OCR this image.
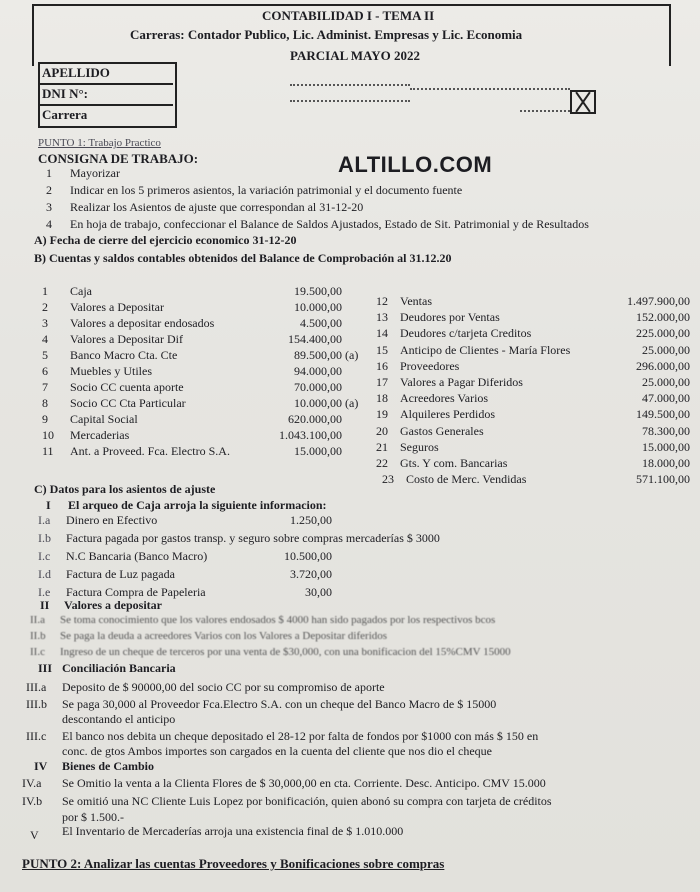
CONTABILIDAD I - TEMA II
Carreras: Contador Publico, Lic. Administ. Empresas y Lic. Economia
PARCIAL MAYO 2022
APELLIDO
DNI N°:
Carrera
PUNTO 1: Trabajo Practico
CONSIGNA DE TRABAJO:	ALTILLO.COM
1 Mayorizar
2 Indicar en los 5 primeros asientos, la variación patrimonial y el documento fuente
3 Realizar los Asientos de ajuste que correspondan al 31-12-20
4 En hoja de trabajo, confeccionar el Balance de Saldos Ajustados, Estado de Sit. Patrimonial y de Resultados
A) Fecha de cierre del ejercicio economico 31-12-20
B) Cuentas y saldos contables obtenidos del Balance de Comprobación al 31.12.20
1 Caja	19.500,00
2 Valores a Depositar	10.000,00
3 Valores a depositar endosados	4.500,00
4 Valores a Depositar Dif	154.400,00
5 Banco Macro Cta. Cte	89.500,00 (a)
6 Muebles y Utiles	94.000,00
7 Socio CC cuenta aporte	70.000,00
8 Socio CC Cta Particular	10.000,00 (a)
9 Capital Social	620.000,00
10 Mercaderias	1.043.100,00
11 Ant. a Proveed. Fca. Electro S.A.	15.000,00
12 Ventas	1.497.900,00
13 Deudores por Ventas	152.000,00
14 Deudores c/tarjeta Creditos	225.000,00
15 Anticipo de Clientes - María Flores	25.000,00
16 Proveedores	296.000,00
17 Valores a Pagar Diferidos	25.000,00
18 Acreedores Varios	47.000,00
19 Alquileres Perdidos	149.500,00
20 Gastos Generales	78.300,00
21 Seguros	15.000,00
22 Gts. Y com. Bancarias	18.000,00
23 Costo de Merc. Vendidas	571.100,00
C) Datos para los asientos de ajuste
I El arqueo de Caja arroja la siguiente informacion:
I.a Dinero en Efectivo	1.250,00
I.b Factura pagada por gastos transp. y seguro sobre compras mercaderías $ 3000
I.c N.C Bancaria (Banco Macro)	10.500,00
I.d Factura de Luz pagada	3.720,00
I.e Factura Compra de Papeleria	30,00
II Valores a depositar
II.a Se toma conocimiento que los valores endosados $ 4000 han sido pagados por los respectivos bcos
II.b Se paga la deuda a acreedores Varios con los Valores a Depositar diferidos
II.c Ingreso de un cheque de terceros por una venta de $30,000, con una bonificacion del 15%CMV 15000
III Conciliación Bancaria
III.a Deposito de $ 90000,00 del socio CC por su compromiso de aporte
III.b Se paga 30,000 al Proveedor Fca.Electro S.A. con un cheque del Banco Macro de $ 15000
descontando el anticipo
III.c El banco nos debita un cheque depositado el 28-12 por falta de fondos por $1000 con más $ 150 en
conc. de gtos Ambos importes son cargados en la cuenta del cliente que nos dio el cheque
IV Bienes de Cambio
IV.a Se Omitio la venta a la Clienta Flores de $ 30,000,00 en cta. Corriente. Desc. Anticipo. CMV 15.000
IV.b Se omitió una NC Cliente Luis Lopez por bonificación, quien abonó su compra con tarjeta de créditos
por $ 1.500.-
V El Inventario de Mercaderías arroja una existencia final de $ 1.010.000
PUNTO 2: Analizar las cuentas Proveedores y Bonificaciones sobre compras
